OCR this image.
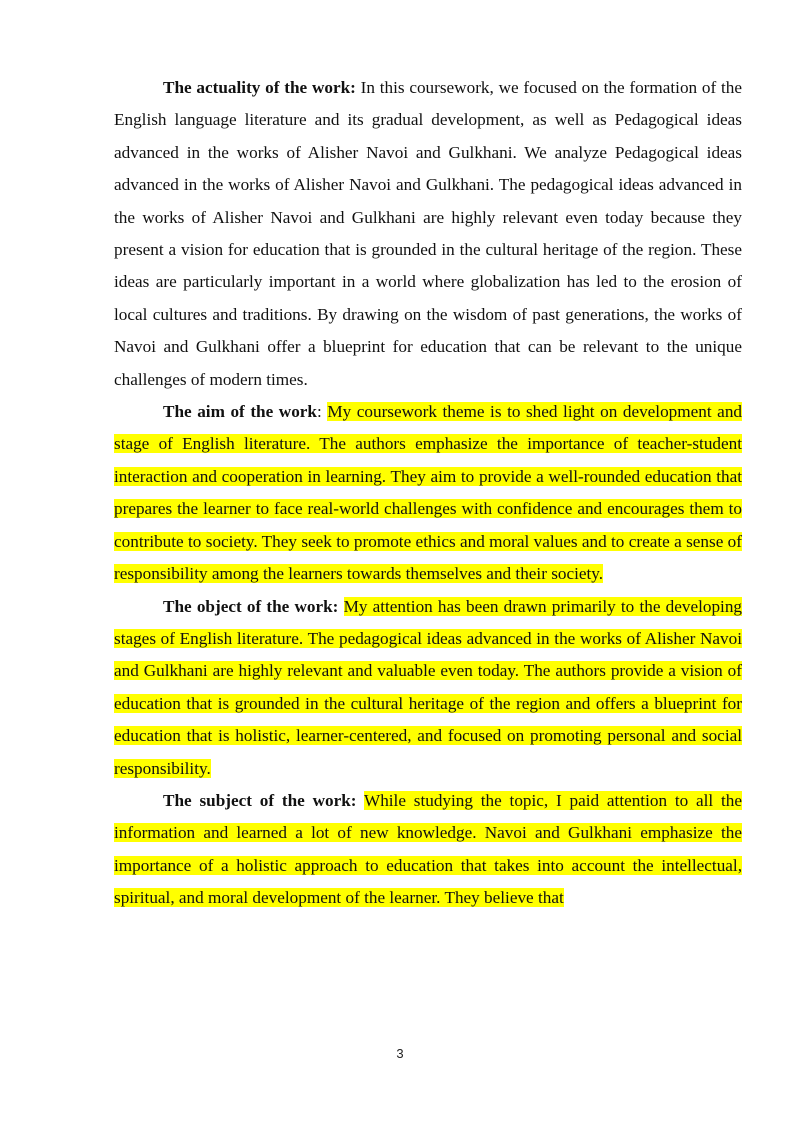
The actuality of the work: In this coursework, we focused on the formation of the English language literature and its gradual development, as well as Pedagogical ideas advanced in the works of Alisher Navoi and Gulkhani. We analyze Pedagogical ideas advanced in the works of Alisher Navoi and Gulkhani. The pedagogical ideas advanced in the works of Alisher Navoi and Gulkhani are highly relevant even today because they present a vision for education that is grounded in the cultural heritage of the region. These ideas are particularly important in a world where globalization has led to the erosion of local cultures and traditions. By drawing on the wisdom of past generations, the works of Navoi and Gulkhani offer a blueprint for education that can be relevant to the unique challenges of modern times.

The aim of the work: My coursework theme is to shed light on development and stage of English literature. The authors emphasize the importance of teacher-student interaction and cooperation in learning. They aim to provide a well-rounded education that prepares the learner to face real-world challenges with confidence and encourages them to contribute to society. They seek to promote ethics and moral values and to create a sense of responsibility among the learners towards themselves and their society.

The object of the work: My attention has been drawn primarily to the developing stages of English literature. The pedagogical ideas advanced in the works of Alisher Navoi and Gulkhani are highly relevant and valuable even today. The authors provide a vision of education that is grounded in the cultural heritage of the region and offers a blueprint for education that is holistic, learner-centered, and focused on promoting personal and social responsibility.

The subject of the work: While studying the topic, I paid attention to all the information and learned a lot of new knowledge. Navoi and Gulkhani emphasize the importance of a holistic approach to education that takes into account the intellectual, spiritual, and moral development of the learner. They believe that

3
